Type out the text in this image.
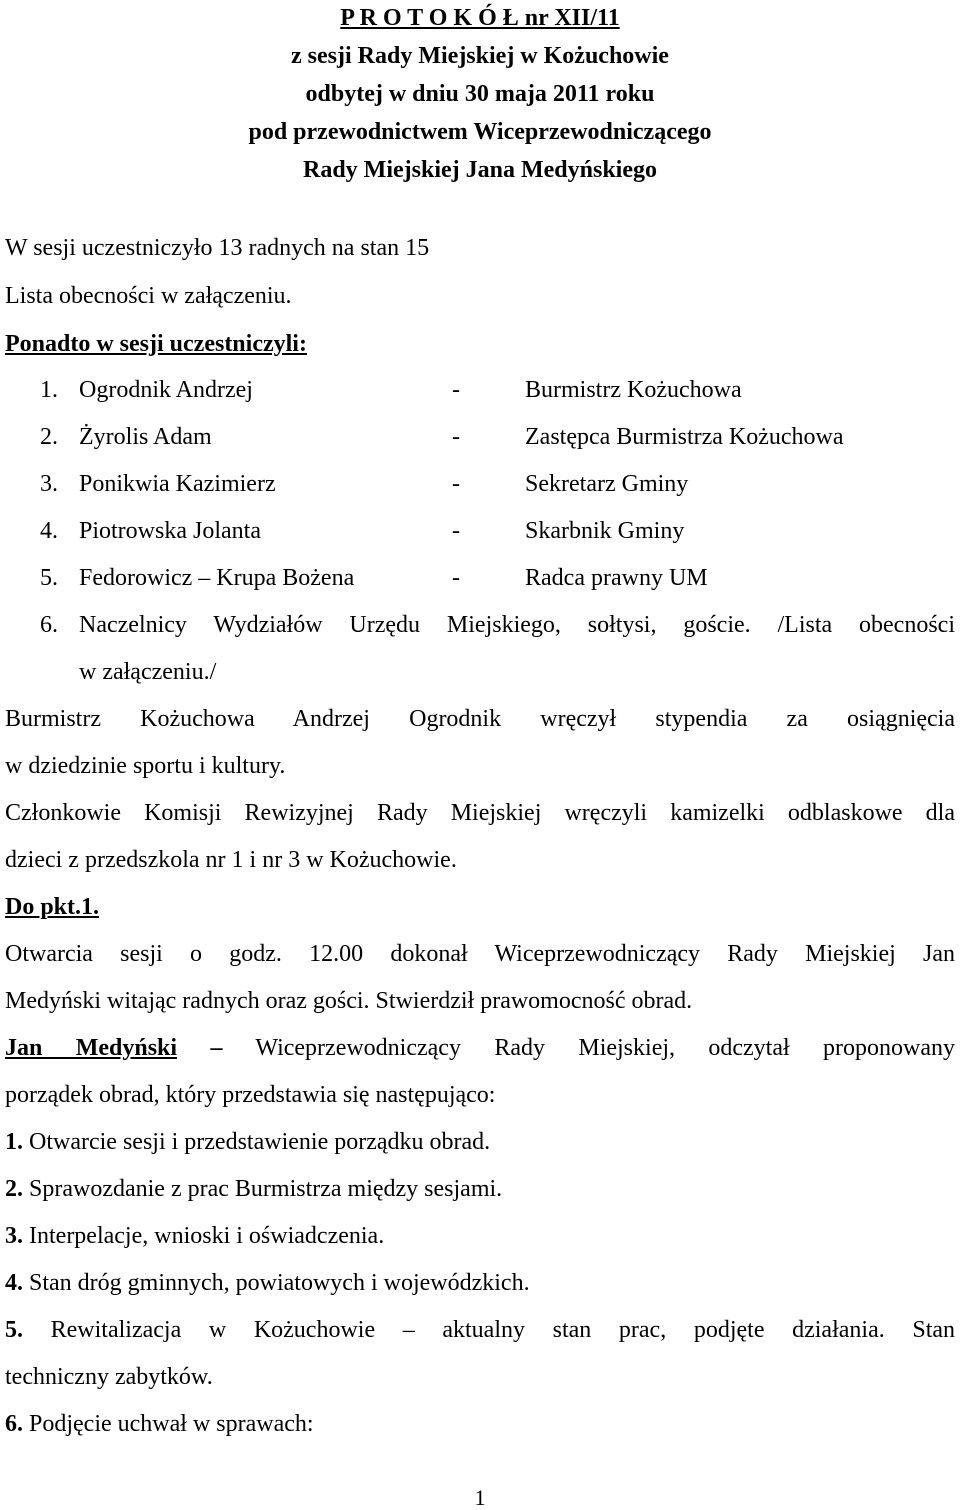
P R O T O K Ó Ł nr XII/11
z sesji Rady Miejskiej w Kożuchowie
odbytej w dniu 30 maja 2011 roku
pod przewodnictwem Wiceprzewodniczącego
Rady Miejskiej Jana Medyńskiego
W sesji uczestniczyło 13 radnych na stan 15
Lista obecności w załączeniu.
Ponadto w sesji uczestniczyli:
1. Ogrodnik Andrzej	-	Burmistrz Kożuchowa
2. Żyrolis Adam	-	Zastępca Burmistrza Kożuchowa
3. Ponikwia Kazimierz	-	Sekretarz Gminy
4. Piotrowska Jolanta	-	Skarbnik Gminy
5. Fedorowicz – Krupa Bożena	-	Radca prawny UM
6. Naczelnicy Wydziałów Urzędu Miejskiego, sołtysi, goście. /Lista obecności
w załączeniu./
Burmistrz Kożuchowa Andrzej Ogrodnik wręczył stypendia za osiągnięcia
w dziedzinie sportu i kultury.
Członkowie Komisji Rewizyjnej Rady Miejskiej wręczyli kamizelki odblaskowe dla
dzieci z przedszkola nr 1 i nr 3 w Kożuchowie.
Do pkt.1.
Otwarcia sesji o godz. 12.00 dokonał Wiceprzewodniczący Rady Miejskiej Jan
Medyński witając radnych oraz gości. Stwierdził prawomocność obrad.
Jan Medyński – Wiceprzewodniczący Rady Miejskiej, odczytał proponowany
porządek obrad, który przedstawia się następująco:
1. Otwarcie sesji i przedstawienie porządku obrad.
2. Sprawozdanie z prac Burmistrza między sesjami.
3. Interpelacje, wnioski i oświadczenia.
4. Stan dróg gminnych, powiatowych i wojewódzkich.
5. Rewitalizacja w Kożuchowie – aktualny stan prac, podjęte działania. Stan
techniczny zabytków.
6. Podjęcie uchwał w sprawach:
1
